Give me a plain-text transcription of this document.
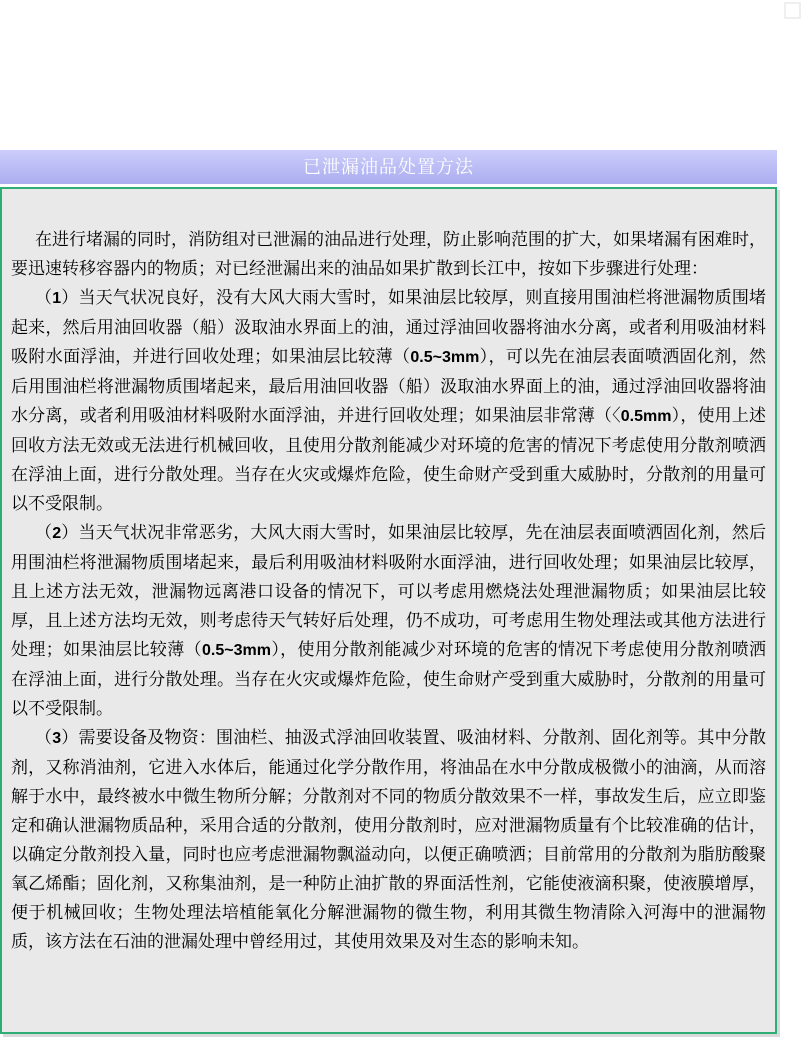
已泄漏油品处置方法

在进行堵漏的同时，消防组对已泄漏的油品进行处理，防止影响范围的扩大，如果堵漏有困难时，要迅速转移容器内的物质；对已经泄漏出来的油品如果扩散到长江中，按如下步骤进行处理：

（1）当天气状况良好，没有大风大雨大雪时，如果油层比较厚，则直接用围油栏将泄漏物质围堵起来，然后用油回收器（船）汲取油水界面上的油，通过浮油回收器将油水分离，或者利用吸油材料吸附水面浮油，并进行回收处理；如果油层比较薄（0.5~3mm），可以先在油层表面喷洒固化剂，然后用围油栏将泄漏物质围堵起来，最后用油回收器（船）汲取油水界面上的油，通过浮油回收器将油水分离，或者利用吸油材料吸附水面浮油，并进行回收处理；如果油层非常薄（〈0.5mm），使用上述回收方法无效或无法进行机械回收，且使用分散剂能减少对环境的危害的情况下考虑使用分散剂喷洒在浮油上面，进行分散处理。当存在火灾或爆炸危险，使生命财产受到重大威胁时，分散剂的用量可以不受限制。

（2）当天气状况非常恶劣，大风大雨大雪时，如果油层比较厚，先在油层表面喷洒固化剂，然后用围油栏将泄漏物质围堵起来，最后利用吸油材料吸附水面浮油，进行回收处理；如果油层比较厚，且上述方法无效，泄漏物远离港口设备的情况下，可以考虑用燃烧法处理泄漏物质；如果油层比较厚，且上述方法均无效，则考虑待天气转好后处理，仍不成功，可考虑用生物处理法或其他方法进行处理；如果油层比较薄（0.5~3mm），使用分散剂能减少对环境的危害的情况下考虑使用分散剂喷洒在浮油上面，进行分散处理。当存在火灾或爆炸危险，使生命财产受到重大威胁时，分散剂的用量可以不受限制。

（3）需要设备及物资：围油栏、抽汲式浮油回收装置、吸油材料、分散剂、固化剂等。其中分散剂，又称消油剂，它进入水体后，能通过化学分散作用，将油品在水中分散成极微小的油滴，从而溶解于水中，最终被水中微生物所分解；分散剂对不同的物质分散效果不一样，事故发生后，应立即鉴定和确认泄漏物质品种，采用合适的分散剂，使用分散剂时，应对泄漏物质量有个比较准确的估计，以确定分散剂投入量，同时也应考虑泄漏物飘溢动向，以便正确喷洒；目前常用的分散剂为脂肪酸聚氧乙烯酯；固化剂，又称集油剂，是一种防止油扩散的界面活性剂，它能使液滴积聚，使液膜增厚，便于机械回收；生物处理法培植能氧化分解泄漏物的微生物，利用其微生物清除入河海中的泄漏物质，该方法在石油的泄漏处理中曾经用过，其使用效果及对生态的影响未知。
